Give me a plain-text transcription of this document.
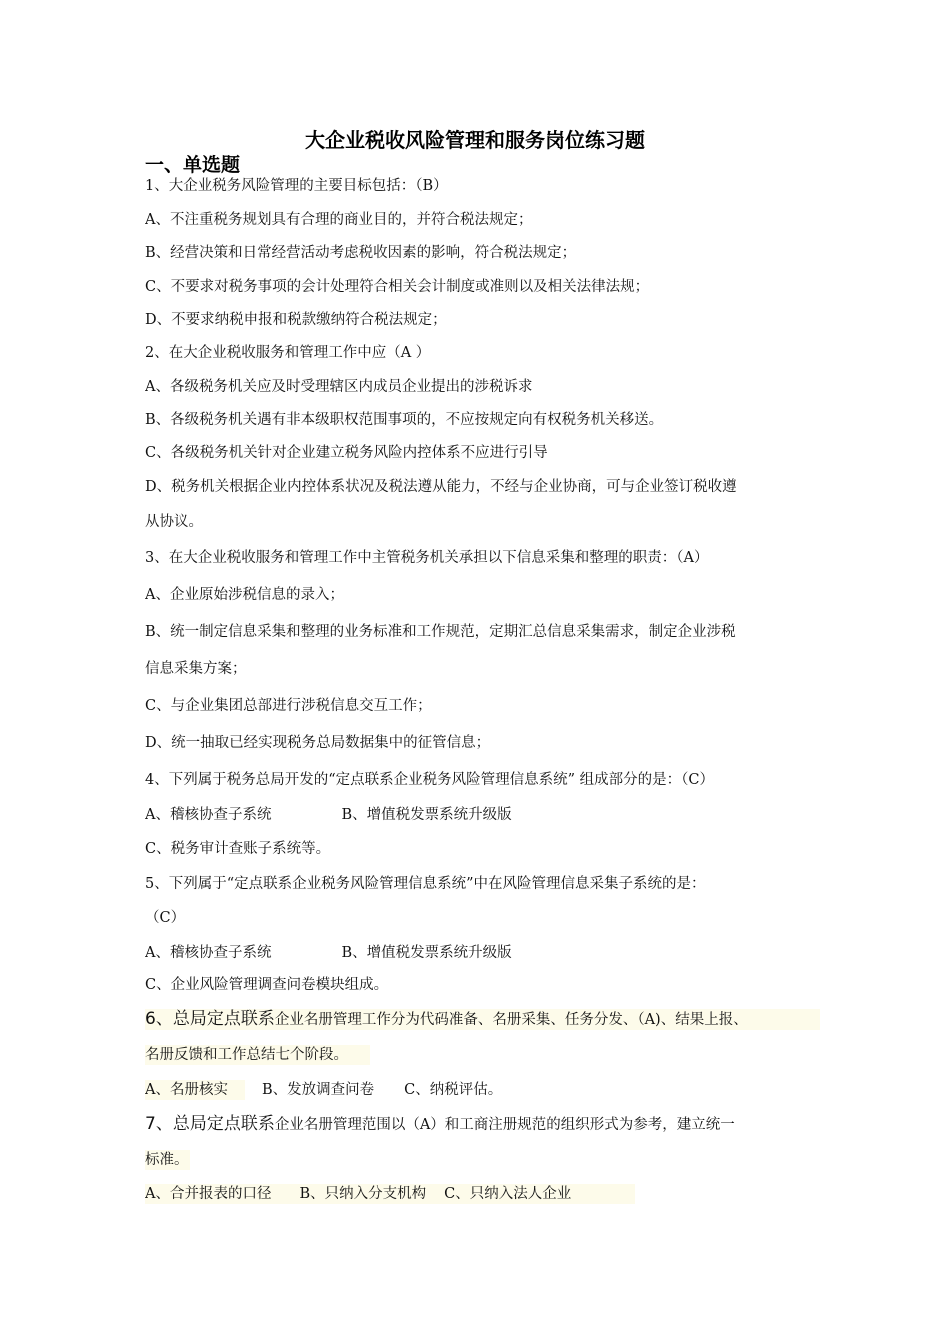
大企业税收风险管理和服务岗位练习题
一、单选题
1、大企业税务风险管理的主要目标包括：（B）
A、不注重税务规划具有合理的商业目的，并符合税法规定；
B、经营决策和日常经营活动考虑税收因素的影响，符合税法规定；
C、不要求对税务事项的会计处理符合相关会计制度或准则以及相关法律法规；
D、不要求纳税申报和税款缴纳符合税法规定；
2、在大企业税收服务和管理工作中应（A ）
A、各级税务机关应及时受理辖区内成员企业提出的涉税诉求
B、各级税务机关遇有非本级职权范围事项的，不应按规定向有权税务机关移送。
C、各级税务机关针对企业建立税务风险内控体系不应进行引导
D、税务机关根据企业内控体系状况及税法遵从能力，不经与企业协商，可与企业签订税收遵
从协议。
3、在大企业税收服务和管理工作中主管税务机关承担以下信息采集和整理的职责：（A）
A、企业原始涉税信息的录入；
B、统一制定信息采集和整理的业务标准和工作规范，定期汇总信息采集需求，制定企业涉税
信息采集方案；
C、与企业集团总部进行涉税信息交互工作；
D、统一抽取已经实现税务总局数据集中的征管信息；
4、下列属于税务总局开发的“定点联系企业税务风险管理信息系统” 组成部分的是：（C）
A、稽核协查子系统	B、增值税发票系统升级版
C、税务审计查账子系统等。
5、下列属于“定点联系企业税务风险管理信息系统”中在风险管理信息采集子系统的是：
（C）
A、稽核协查子系统	B、增值税发票系统升级版
C、企业风险管理调查问卷模块组成。
6、总局定点联系企业名册管理工作分为代码准备、名册采集、任务分发、（A)、结果上报、
名册反馈和工作总结七个阶段。
A、名册核实	B、发放调查问卷 C、纳税评估。
7、总局定点联系企业名册管理范围以（A）和工商注册规范的组织形式为参考，建立统一
标准。
A、合并报表的口径 B、只纳入分支机构 C、只纳入法人企业
